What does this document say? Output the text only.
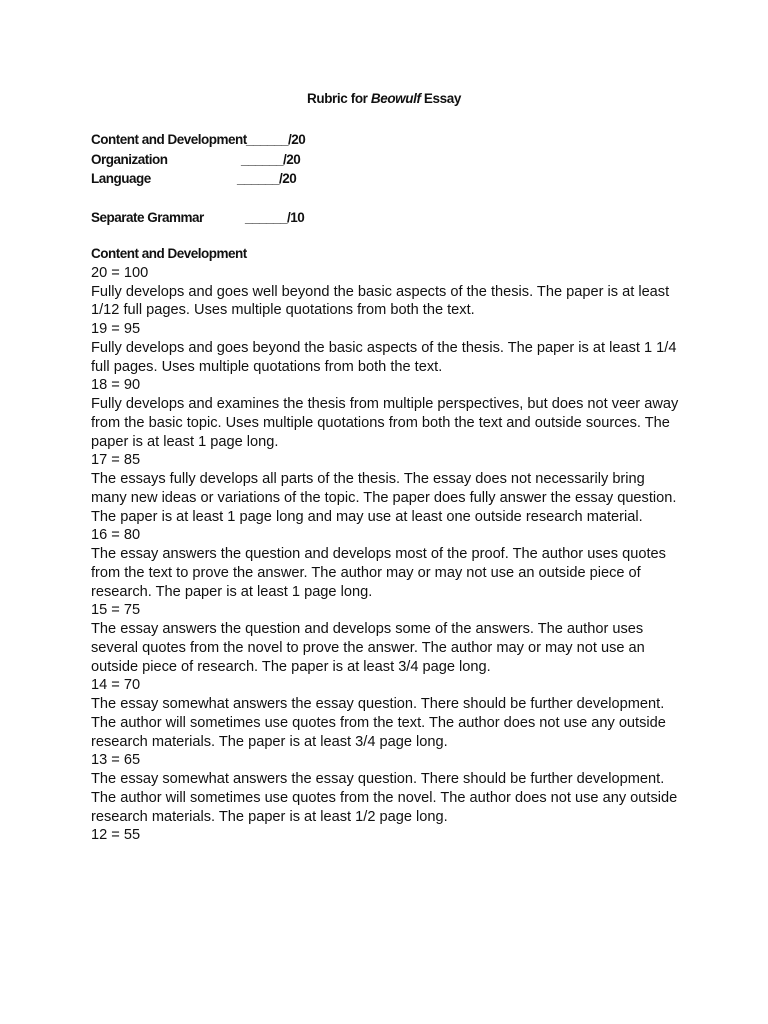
Rubric for Beowulf Essay
Content and Development ______/20
Organization	______/20
Language	______/20
Separate Grammar	______/10
Content and Development
20 = 100
Fully develops and goes well beyond the basic aspects of the thesis. The paper is at least 1/12 full pages. Uses multiple quotations from both the text.
19 = 95
Fully develops and goes beyond the basic aspects of the thesis. The paper is at least 1 1/4 full pages. Uses multiple quotations from both the text.
18 = 90
Fully develops and examines the thesis from multiple perspectives, but does not veer away from the basic topic. Uses multiple quotations from both the text and outside sources. The paper is at least 1 page long.
17 = 85
The essays fully develops all parts of the thesis. The essay does not necessarily bring many new ideas or variations of the topic. The paper does fully answer the essay question. The paper is at least 1 page long and may use at least one outside research material.
16 = 80
The essay answers the question and develops most of the proof. The author uses quotes from the text to prove the answer. The author may or may not use an outside piece of research. The paper is at least 1 page long.
15 = 75
The essay answers the question and develops some of the answers. The author uses several quotes from the novel to prove the answer. The author may or may not use an outside piece of research. The paper is at least 3/4 page long.
14 = 70
The essay somewhat answers the essay question. There should be further development. The author will sometimes use quotes from the text. The author does not use any outside research materials. The paper is at least 3/4 page long.
13 = 65
The essay somewhat answers the essay question. There should be further development. The author will sometimes use quotes from the novel. The author does not use any outside research materials. The paper is at least 1/2 page long.
12 = 55
